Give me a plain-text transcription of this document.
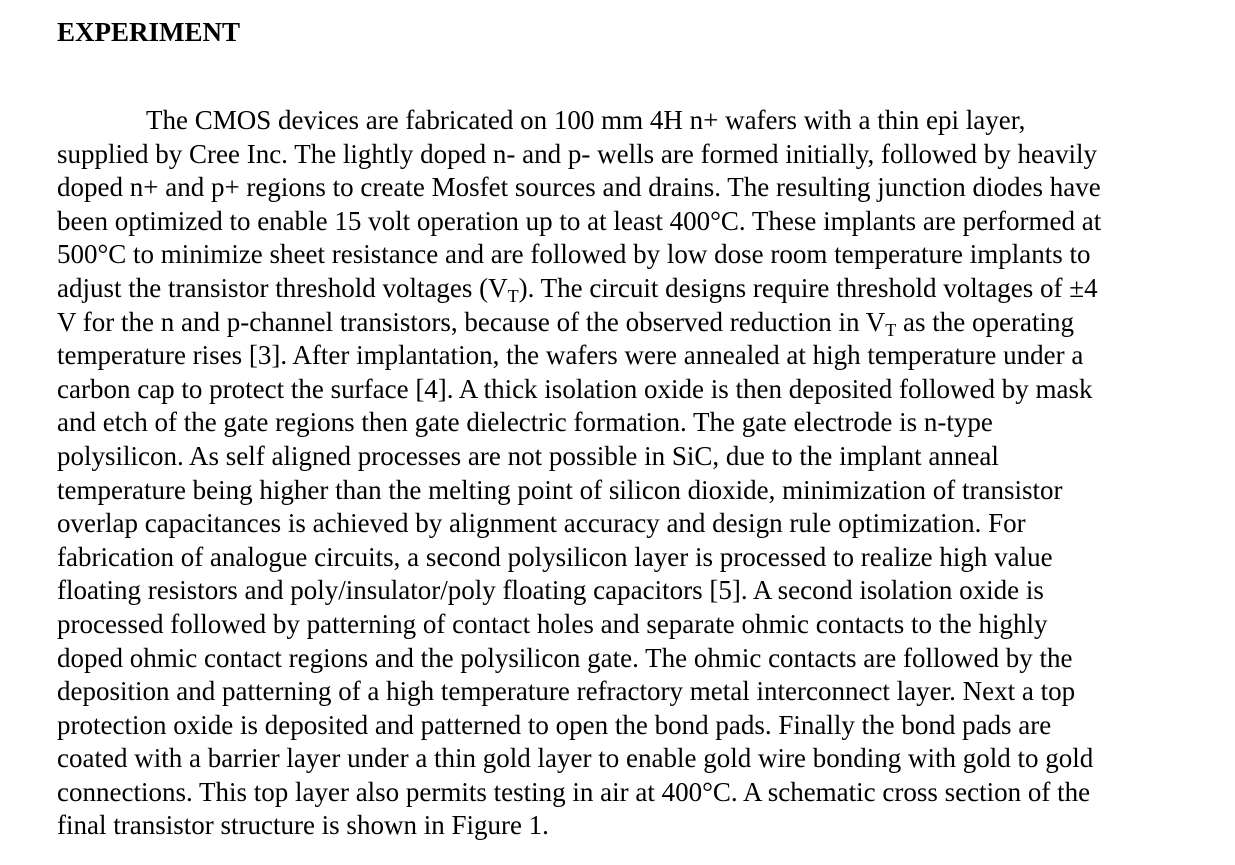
EXPERIMENT
The CMOS devices are fabricated on 100 mm 4H n+ wafers with a thin epi layer,
supplied by Cree Inc. The lightly doped n- and p- wells are formed initially, followed by heavily
doped n+ and p+ regions to create Mosfet sources and drains. The resulting junction diodes have
been optimized to enable 15 volt operation up to at least 400°C. These implants are performed at
500°C to minimize sheet resistance and are followed by low dose room temperature implants to
adjust the transistor threshold voltages $(V_T)$. The circuit designs require threshold voltages of ±4
V for the n and p-channel transistors, because of the observed reduction in $V_T$ as the operating
temperature rises [3]. After implantation, the wafers were annealed at high temperature under a
carbon cap to protect the surface [4]. A thick isolation oxide is then deposited followed by mask
and etch of the gate regions then gate dielectric formation. The gate electrode is n-type
polysilicon. As self aligned processes are not possible in SiC, due to the implant anneal
temperature being higher than the melting point of silicon dioxide, minimization of transistor
overlap capacitances is achieved by alignment accuracy and design rule optimization. For
fabrication of analogue circuits, a second polysilicon layer is processed to realize high value
floating resistors and poly/insulator/poly floating capacitors [5]. A second isolation oxide is
processed followed by patterning of contact holes and separate ohmic contacts to the highly
doped ohmic contact regions and the polysilicon gate. The ohmic contacts are followed by the
deposition and patterning of a high temperature refractory metal interconnect layer. Next a top
protection oxide is deposited and patterned to open the bond pads. Finally the bond pads are
coated with a barrier layer under a thin gold layer to enable gold wire bonding with gold to gold
connections. This top layer also permits testing in air at 400°C. A schematic cross section of the
final transistor structure is shown in Figure 1.
